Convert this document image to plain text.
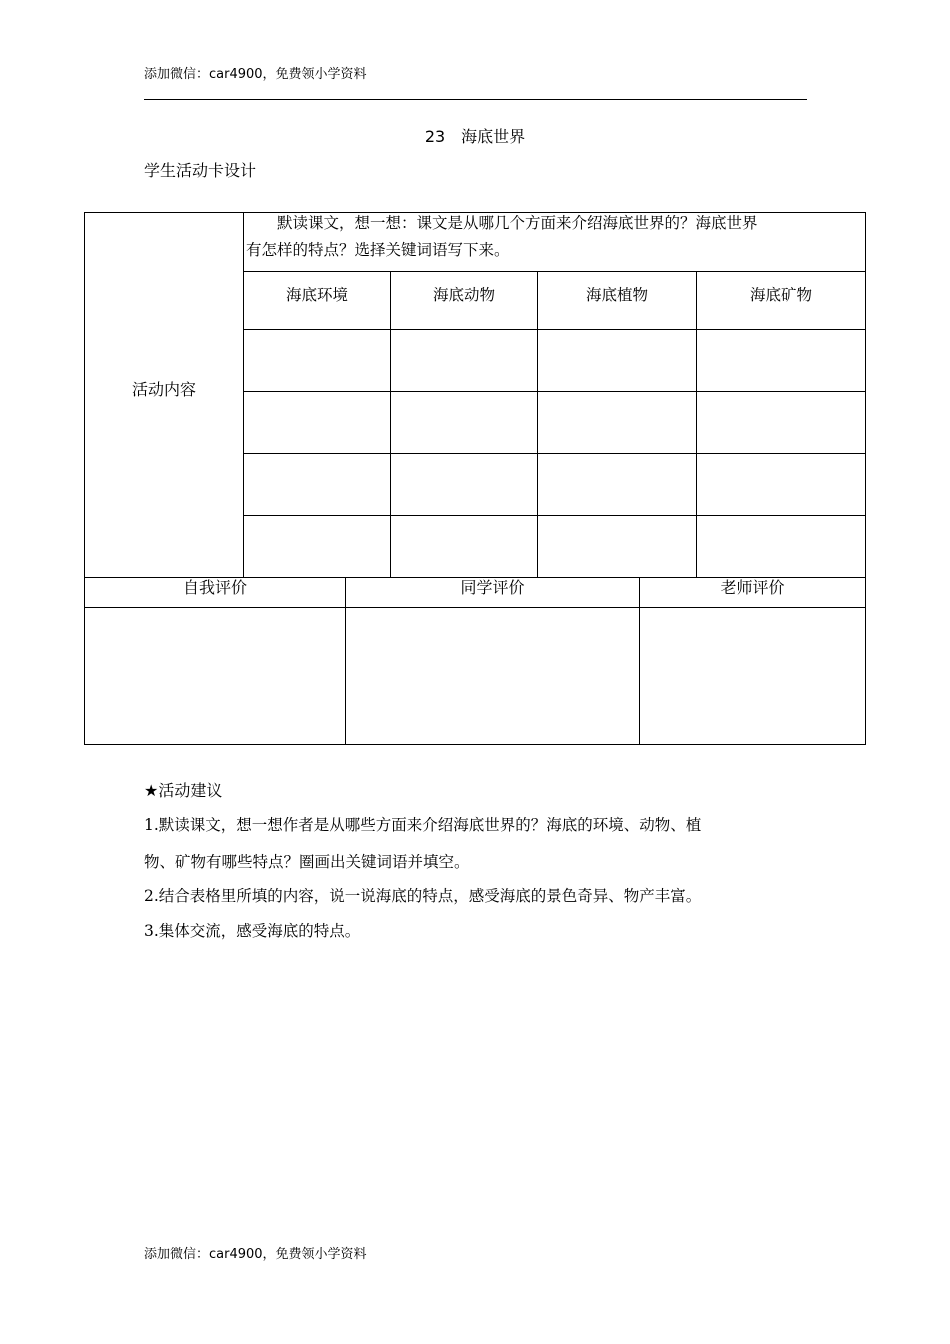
添加微信：car4900，免费领小学资料
23 海底世界
学生活动卡设计
活动内容
默读课文，想一想：课文是从哪几个方面来介绍海底世界的？海底世界
有怎样的特点？选择关键词语写下来。
海底环境	海底动物	海底植物	海底矿物
自我评价	同学评价	老师评价
★活动建议
1.默读课文，想一想作者是从哪些方面来介绍海底世界的？海底的环境、动物、植
物、矿物有哪些特点？圈画出关键词语并填空。
2.结合表格里所填的内容，说一说海底的特点，感受海底的景色奇异、物产丰富。
3.集体交流，感受海底的特点。
添加微信：car4900，免费领小学资料
